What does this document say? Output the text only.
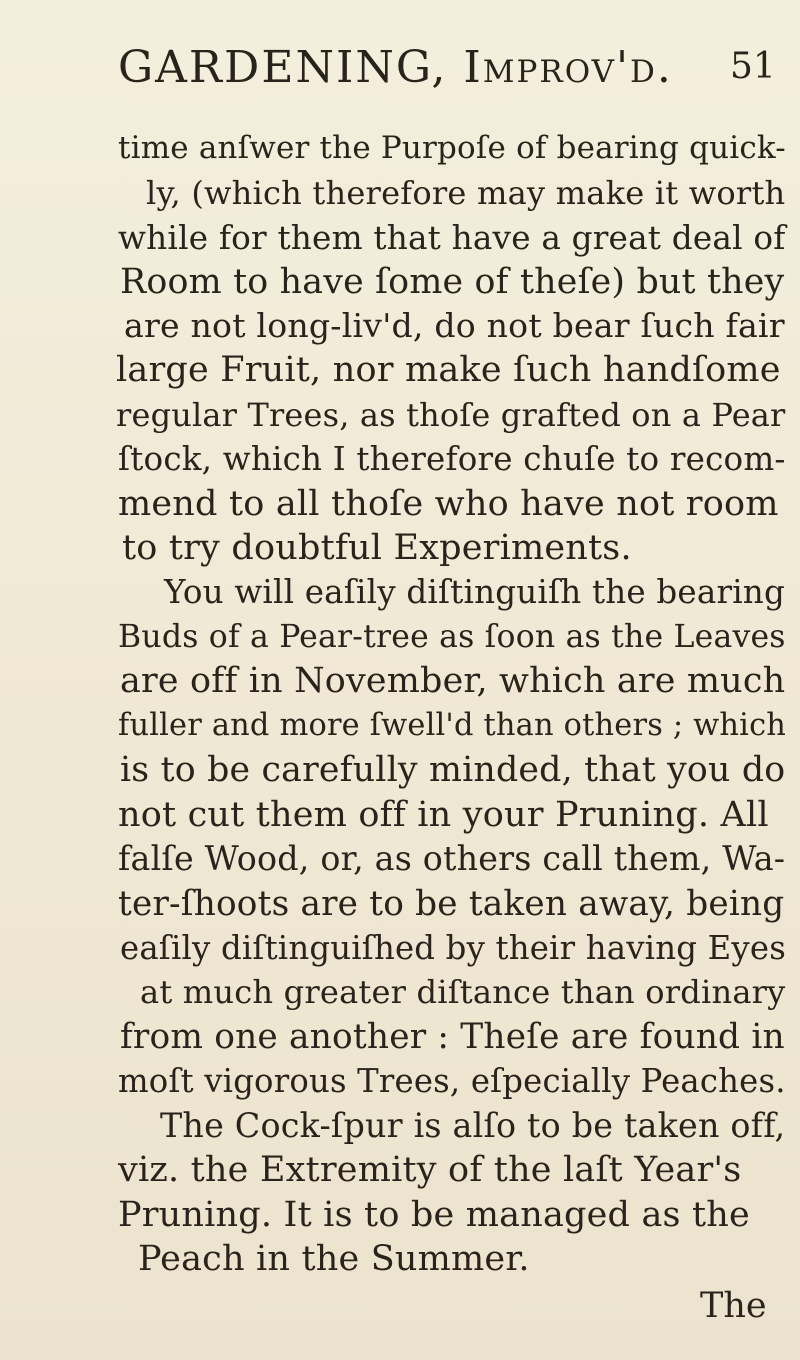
GARDENING, Improv'd. 51
time anſwer the Purpoſe of bearing quick-
ly, (which therefore may make it worth
while for them that have a great deal of
Room to have ſome of theſe) but they
are not long-liv'd, do not bear ſuch fair
large Fruit, nor make ſuch handſome
regular Trees, as thoſe grafted on a Pear
ſtock, which I therefore chuſe to recom-
mend to all thoſe who have not room
to try doubtful Experiments.
You will eaſily diſtinguiſh the bearing
Buds of a Pear-tree as ſoon as the Leaves
are off in November, which are much
fuller and more ſwell'd than others ; which
is to be carefully minded, that you do
not cut them off in your Pruning. All
falſe Wood, or, as others call them, Wa-
ter-ſhoots are to be taken away, being
eaſily diſtinguiſhed by their having Eyes
at much greater diſtance than ordinary
from one another : Theſe are found in
moſt vigorous Trees, eſpecially Peaches.
The Cock-ſpur is alſo to be taken off,
viz. the Extremity of the laſt Year's
Pruning. It is to be managed as the
Peach in the Summer.
The
